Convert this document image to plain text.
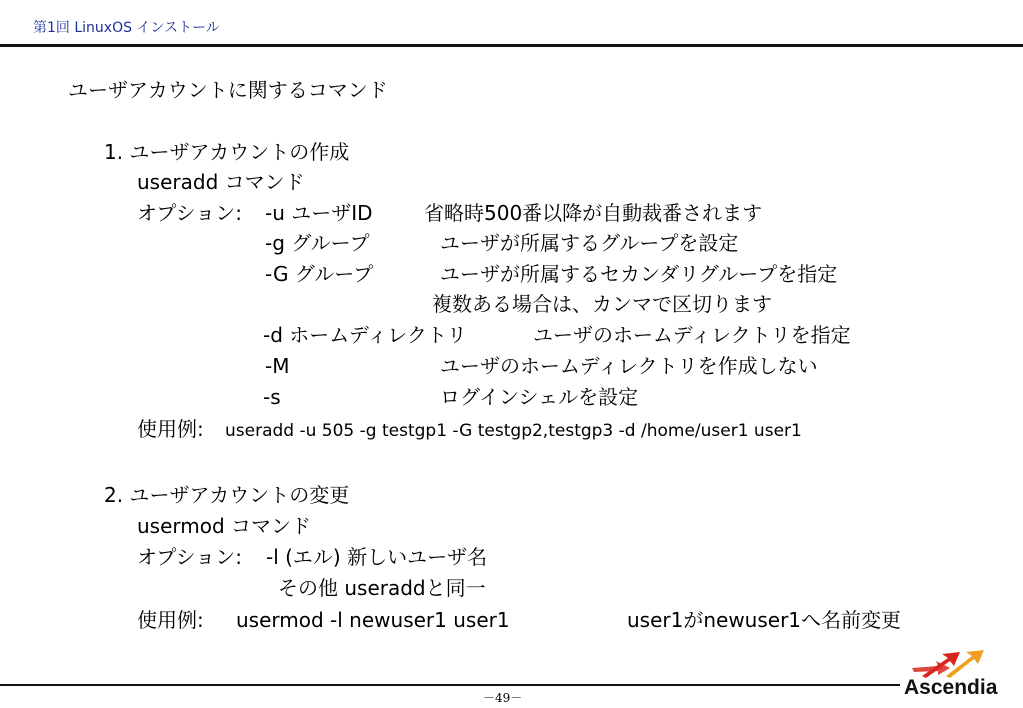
第1回 LinuxOS インストール
ユーザアカウントに関するコマンド
1. ユーザアカウントの作成
useradd コマンド
オプション: -u ユーザID	省略時500番以降が自動裁番されます
-g グループ	ユーザが所属するグループを設定
-G グループ	ユーザが所属するセカンダリグループを指定
複数ある場合は、カンマで区切ります
-d ホームディレクトリ	ユーザのホームディレクトリを指定
-M	ユーザのホームディレクトリを作成しない
-s	ログインシェルを設定
使用例: useradd -u 505 -g testgp1 -G testgp2,testgp3 -d /home/user1 user1
2. ユーザアカウントの変更
usermod コマンド
オプション: -l (エル) 新しいユーザ名
その他 useraddと同一
使用例: usermod -l newuser1 user1	user1がnewuser1へ名前変更
－49－	Ascendia
